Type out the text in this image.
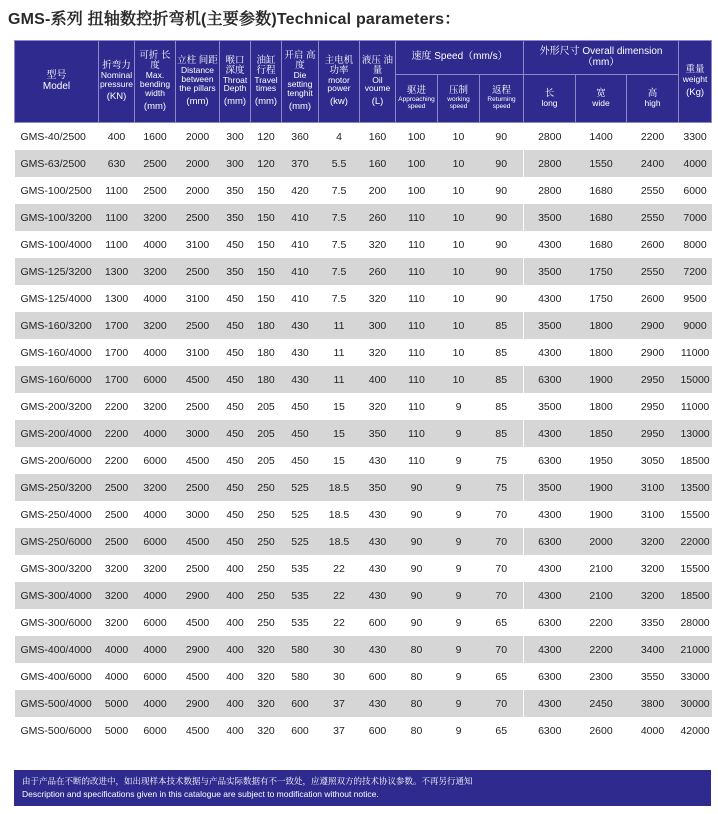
GMS-系列 扭轴数控折弯机(主要参数)Technical parameters：
型号
Model	折弯力
Nominal pressure
(KN)	可折 长度
Max. bending width
(mm)	立柱 间距
Distance between the pillars
(mm)	喉口 深度
Throat Depth
(mm)	油缸 行程
Travel times
(mm)	开启 高度
Die setting tenghit
(mm)	主电机 功率
motor power
(kw)	液压 油量
Oil voume
(L)	速度 Speed（mm/s）			外形尺寸 Overall dimension（mm）			重量
weight
(Kg)

									驱进
Approaching speed	压制
working speed	返程
Returning speed	长
long	宽
wide	高
high	

GMS-40/2500	400	1600	2000	300	120	360	4	160	100	10	90	2800	1400	2200	3300
GMS-63/2500	630	2500	2000	300	120	370	5.5	160	100	10	90	2800	1550	2400	4000
GMS-100/2500	1100	2500	2000	350	150	420	7.5	200	100	10	90	2800	1680	2550	6000
GMS-100/3200	1100	3200	2500	350	150	410	7.5	260	110	10	90	3500	1680	2550	7000
GMS-100/4000	1100	4000	3100	450	150	410	7.5	320	110	10	90	4300	1680	2600	8000
GMS-125/3200	1300	3200	2500	350	150	410	7.5	260	110	10	90	3500	1750	2550	7200
GMS-125/4000	1300	4000	3100	450	150	410	7.5	320	110	10	90	4300	1750	2600	9500
GMS-160/3200	1700	3200	2500	450	180	430	11	300	110	10	85	3500	1800	2900	9000
GMS-160/4000	1700	4000	3100	450	180	430	11	320	110	10	85	4300	1800	2900	11000
GMS-160/6000	1700	6000	4500	450	180	430	11	400	110	10	85	6300	1900	2950	15000
GMS-200/3200	2200	3200	2500	450	205	450	15	320	110	9	85	3500	1800	2950	11000
GMS-200/4000	2200	4000	3000	450	205	450	15	350	110	9	85	4300	1850	2950	13000
GMS-200/6000	2200	6000	4500	450	205	450	15	430	110	9	75	6300	1950	3050	18500
GMS-250/3200	2500	3200	2500	450	250	525	18.5	350	90	9	75	3500	1900	3100	13500
GMS-250/4000	2500	4000	3000	450	250	525	18.5	430	90	9	70	4300	1900	3100	15500
GMS-250/6000	2500	6000	4500	450	250	525	18.5	430	90	9	70	6300	2000	3200	22000
GMS-300/3200	3200	3200	2500	400	250	535	22	430	90	9	70	4300	2100	3200	15500
GMS-300/4000	3200	4000	2900	400	250	535	22	430	90	9	70	4300	2100	3200	18500
GMS-300/6000	3200	6000	4500	400	250	535	22	600	90	9	65	6300	2200	3350	28000
GMS-400/4000	4000	4000	2900	400	320	580	30	430	80	9	70	4300	2200	3400	21000
GMS-400/6000	4000	6000	4500	400	320	580	30	600	80	9	65	6300	2300	3550	33000
GMS-500/4000	5000	4000	2900	400	320	600	37	430	80	9	70	4300	2450	3800	30000
GMS-500/6000	5000	6000	4500	400	320	600	37	600	80	9	65	6300	2600	4000	42000
由于产品在不断的改进中，如出现样本技术数据与产品实际数据有不一致处，应遵照双方的技术协议参数。不再另行通知
Description and specifications given in this catalogue are subject to modification without notice.
